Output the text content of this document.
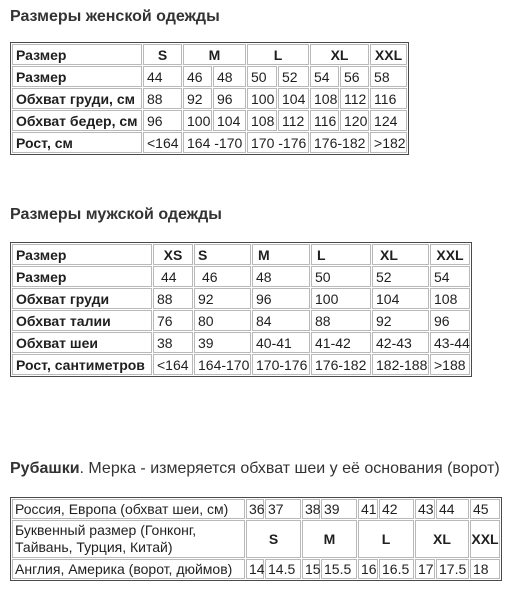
Размеры женской одежды
Размер	S	M		L		XL		XXL
Размер	44	46	48	50	52	54	56	58
Обхват груди, см	88	92	96	100	104	108	112	116
Обхват бедер, см	96	100	104	108	112	116	120	124
Рост, см	<164	164 -170		170 -176		176-182		>182
Размеры мужской одежды
Размер	XS	S	M	L	XL	XXL
Размер	44	46	48	50	52	54
Обхват груди	88	92	96	100	104	108
Обхват талии	76	80	84	88	92	96
Обхват шеи	38	39	40-41	41-42	42-43	43-44
Рост, сантиметров	<164	164-170	170-176	176-182	182-188	>188
Рубашки. Мерка - измеряется обхват шеи у её основания (ворот)
Россия, Европа (обхват шеи, см)	36	37	38	39	41	42	43	44	45
Буквенный размер (Гонконг, Тайвань, Турция, Китай)	S		M		L		XL		XXL
Англия, Америка (ворот, дюймов)	14	14.5	15	15.5	16	16.5	17	17.5	18
